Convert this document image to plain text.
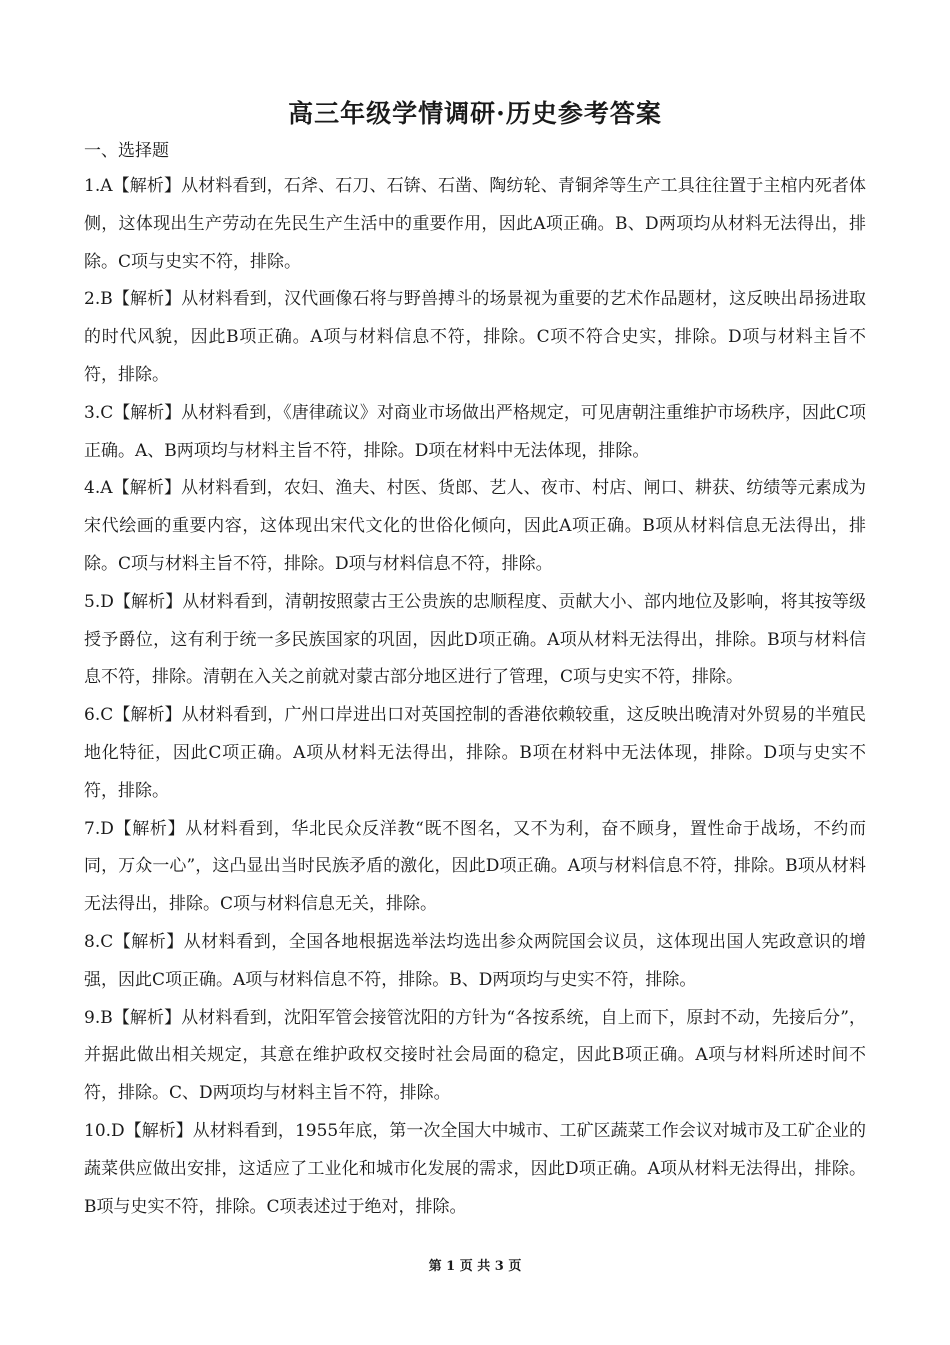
高三年级学情调研·历史参考答案
一、选择题

1.A【解析】从材料看到，石斧、石刀、石锛、石凿、陶纺轮、青铜斧等生产工具往往置于主棺内死者体侧，这体现出生产劳动在先民生产生活中的重要作用，因此A项正确。B、D两项均从材料无法得出，排除。C项与史实不符，排除。

2.B【解析】从材料看到，汉代画像石将与野兽搏斗的场景视为重要的艺术作品题材，这反映出昂扬进取的时代风貌，因此B项正确。A项与材料信息不符，排除。C项不符合史实，排除。D项与材料主旨不符，排除。

3.C【解析】从材料看到，《唐律疏议》对商业市场做出严格规定，可见唐朝注重维护市场秩序，因此C项正确。A、B两项均与材料主旨不符，排除。D项在材料中无法体现，排除。

4.A【解析】从材料看到，农妇、渔夫、村医、货郎、艺人、夜市、村店、闸口、耕获、纺绩等元素成为宋代绘画的重要内容，这体现出宋代文化的世俗化倾向，因此A项正确。B项从材料信息无法得出，排除。C项与材料主旨不符，排除。D项与材料信息不符，排除。

5.D【解析】从材料看到，清朝按照蒙古王公贵族的忠顺程度、贡献大小、部内地位及影响，将其按等级授予爵位，这有利于统一多民族国家的巩固，因此D项正确。A项从材料无法得出，排除。B项与材料信息不符，排除。清朝在入关之前就对蒙古部分地区进行了管理，C项与史实不符，排除。

6.C【解析】从材料看到，广州口岸进出口对英国控制的香港依赖较重，这反映出晚清对外贸易的半殖民地化特征，因此C项正确。A项从材料无法得出，排除。B项在材料中无法体现，排除。D项与史实不符，排除。

7.D【解析】从材料看到，华北民众反洋教“既不图名，又不为利，奋不顾身，置性命于战场，不约而同，万众一心”，这凸显出当时民族矛盾的激化，因此D项正确。A项与材料信息不符，排除。B项从材料无法得出，排除。C项与材料信息无关，排除。

8.C【解析】从材料看到，全国各地根据选举法均选出参众两院国会议员，这体现出国人宪政意识的增强，因此C项正确。A项与材料信息不符，排除。B、D两项均与史实不符，排除。

9.B【解析】从材料看到，沈阳军管会接管沈阳的方针为“各按系统，自上而下，原封不动，先接后分”，并据此做出相关规定，其意在维护政权交接时社会局面的稳定，因此B项正确。A项与材料所述时间不符，排除。C、D两项均与材料主旨不符，排除。

10.D【解析】从材料看到，1955年底，第一次全国大中城市、工矿区蔬菜工作会议对城市及工矿企业的蔬菜供应做出安排，这适应了工业化和城市化发展的需求，因此D项正确。A项从材料无法得出，排除。B项与史实不符，排除。C项表述过于绝对，排除。

第 1 页 共 3 页
